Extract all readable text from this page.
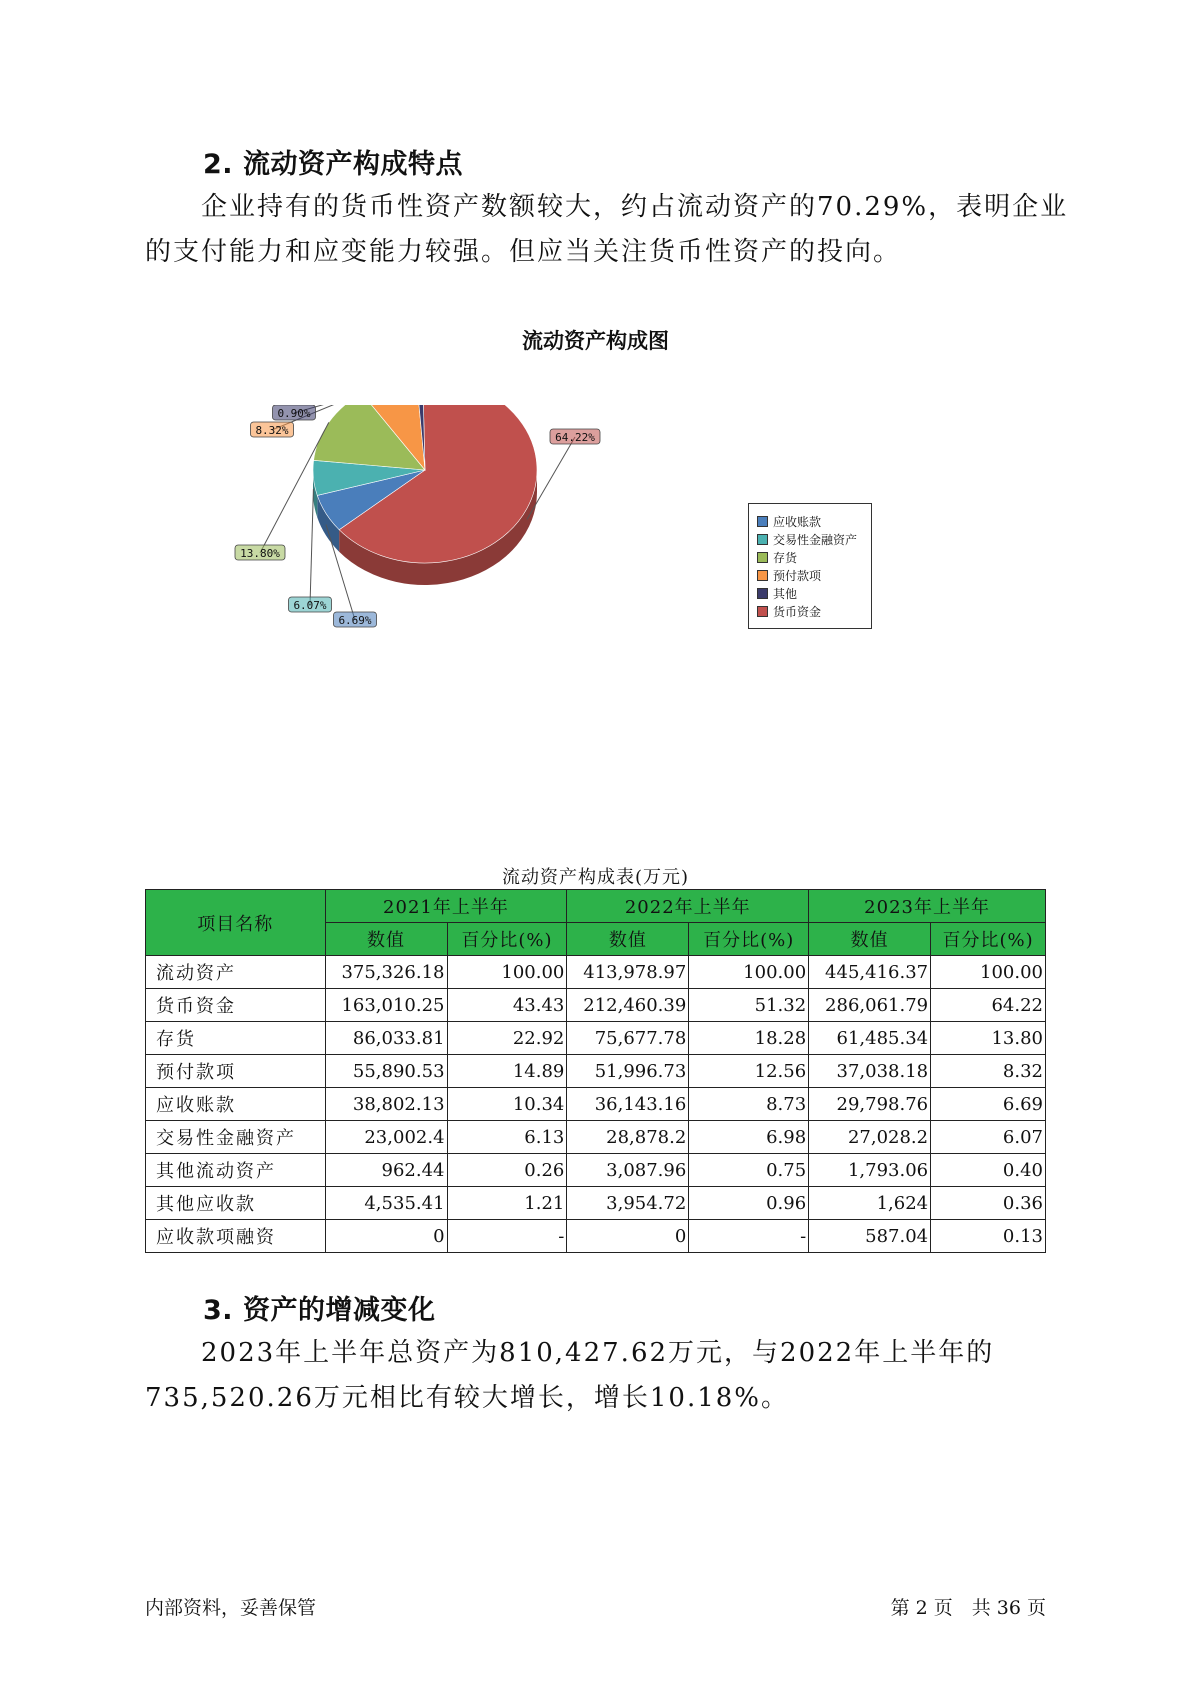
2. 流动资产构成特点
企业持有的货币性资产数额较大，约占流动资产的70.29%，表明企业的支付能力和应变能力较强。但应当关注货币性资产的投向。
流动资产构成图
64.22%
6.69%
6.07%
13.80%
8.32%
0.90%
应收账款
交易性金融资产
存货
预付款项
其他
货币资金
流动资产构成表(万元)
项目名称	2021年上半年		2022年上半年		2023年上半年	
	数值	百分比(%)	数值	百分比(%)	数值	百分比(%)
流动资产	375,326.18	100.00	413,978.97	100.00	445,416.37	100.00
货币资金	163,010.25	43.43	212,460.39	51.32	286,061.79	64.22
存货	86,033.81	22.92	75,677.78	18.28	61,485.34	13.80
预付款项	55,890.53	14.89	51,996.73	12.56	37,038.18	8.32
应收账款	38,802.13	10.34	36,143.16	8.73	29,798.76	6.69
交易性金融资产	23,002.4	6.13	28,878.2	6.98	27,028.2	6.07
其他流动资产	962.44	0.26	3,087.96	0.75	1,793.06	0.40
其他应收款	4,535.41	1.21	3,954.72	0.96	1,624	0.36
应收款项融资	0	-	0	-	587.04	0.13
3. 资产的增减变化
2023年上半年总资产为810,427.62万元，与2022年上半年的735,520.26万元相比有较大增长，增长10.18%。
内部资料，妥善保管	第 2 页　共 36 页
